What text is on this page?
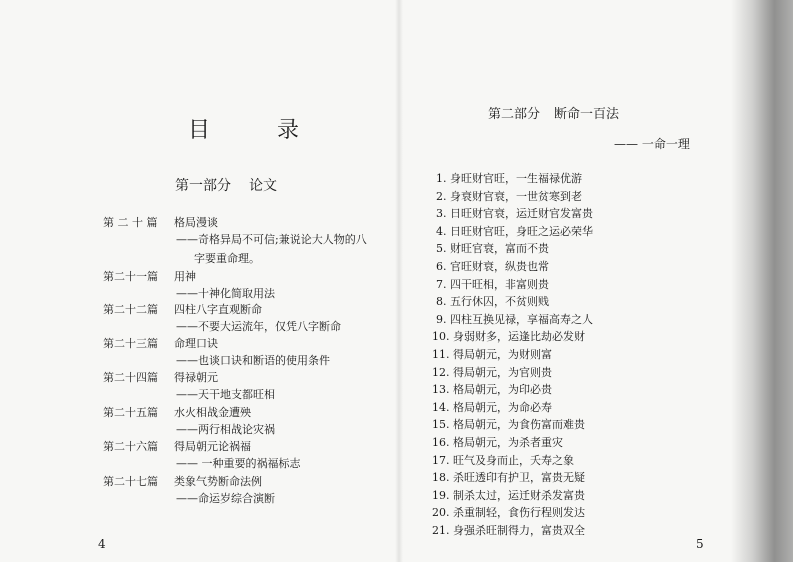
目 录
第一部分 论文
第 二 十 篇 格局漫谈
——奇格异局不可信;兼说论大人物的八
字要重命理。
第二十一篇 用神
——十神化简取用法
第二十二篇 四柱八字直观断命
——不要大运流年，仅凭八字断命
第二十三篇 命理口诀
——也谈口诀和断语的使用条件
第二十四篇 得禄朝元
——天干地支都旺相
第二十五篇 水火相战金遭殃
——两行相战论灾祸
第二十六篇 得局朝元论祸福
—— 一种重要的祸福标志
第二十七篇 类象气势断命法例
——命运岁综合演断
4
第二部分 断命一百法
—— 一命一理
1. 身旺财官旺，一生福禄优游
2. 身衰财官衰，一世贫寒到老
3. 日旺财官衰，运迁财官发富贵
4. 日旺财官旺，身旺之运必荣华
5. 财旺官衰，富而不贵
6. 官旺财衰，纵贵也常
7. 四干旺相，非富则贵
8. 五行休囚，不贫则贱
9. 四柱互换见禄，享福高寿之人
10. 身弱财多，运逢比劫必发财
11. 得局朝元，为财则富
12. 得局朝元，为官则贵
13. 格局朝元，为印必贵
14. 格局朝元，为命必寿
15. 格局朝元，为食伤富而难贵
16. 格局朝元，为杀者重灾
17. 旺气及身而止，夭寿之象
18. 杀旺透印有护卫，富贵无疑
19. 制杀太过，运迁财杀发富贵
20. 杀重制轻，食伤行程则发达
21. 身强杀旺制得力，富贵双全
5
